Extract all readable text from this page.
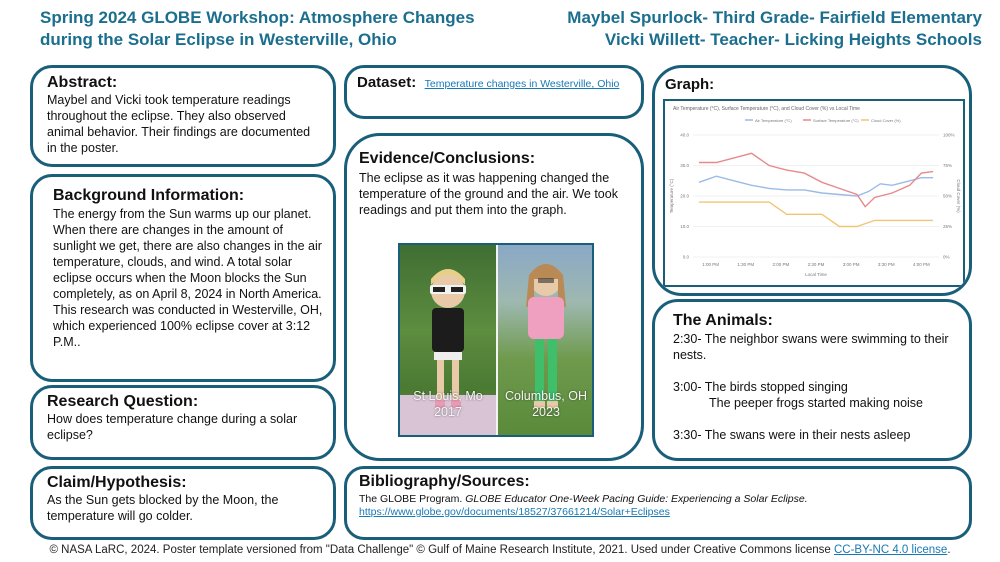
Spring 2024 GLOBE Workshop: Atmosphere Changes
during the Solar Eclipse in Westerville, Ohio
Maybel Spurlock- Third Grade- Fairfield Elementary
Vicki Willett- Teacher- Licking Heights Schools
Abstract:

Maybel and Vicki took temperature readings throughout the eclipse. They also observed animal behavior. Their findings are documented in the poster.

Background Information:

The energy from the Sun warms up our planet. When there are changes in the amount of sunlight we get, there are also changes in the air temperature, clouds, and wind. A total solar eclipse occurs when the Moon blocks the Sun completely, as on April 8, 2024 in North America. This research was conducted in Westerville, OH, which experienced 100% eclipse cover at 3:12 P.M..

Research Question:

How does temperature change during a solar eclipse?

Claim/Hypothesis:

As the Sun gets blocked by the Moon, the temperature will go colder.

Dataset: Temperature changes in Westerville, Ohio
Evidence/Conclusions:

The eclipse as it was happening changed the temperature of the ground and the air. We took readings and put them into the graph.

St Louis, Mo
2017
Columbus, OH
2023
Graph:
Air Temperature (°C), Surface Temperature (°C), and Cloud Cover (%) vs Local Time
Air Temperature (°C)	Surface Temperature (°C)	Cloud Cover (%)
0.0
10.0
20.0
30.0
40.0
0%
25%
50%
75%
100%
1:00 PM	1:30 PM	2:00 PM	2:30 PM	3:00 PM	3:30 PM	4:00 PM
Local Time
Temperature (°C)	Cloud Cover (%)
The Animals:
2:30- The neighbor swans were swimming to their nests.
3:00- The birds stopped singing
The peeper frogs started making noise
3:30- The swans were in their nests asleep
Bibliography/Sources:

The GLOBE Program. GLOBE Educator One-Week Pacing Guide: Experiencing a Solar Eclipse.

https://www.globe.gov/documents/18527/37661214/Solar+Eclipses
© NASA LaRC, 2024. Poster template versioned from "Data Challenge" © Gulf of Maine Research Institute, 2021. Used under Creative Commons license CC-BY-NC 4.0 license.
